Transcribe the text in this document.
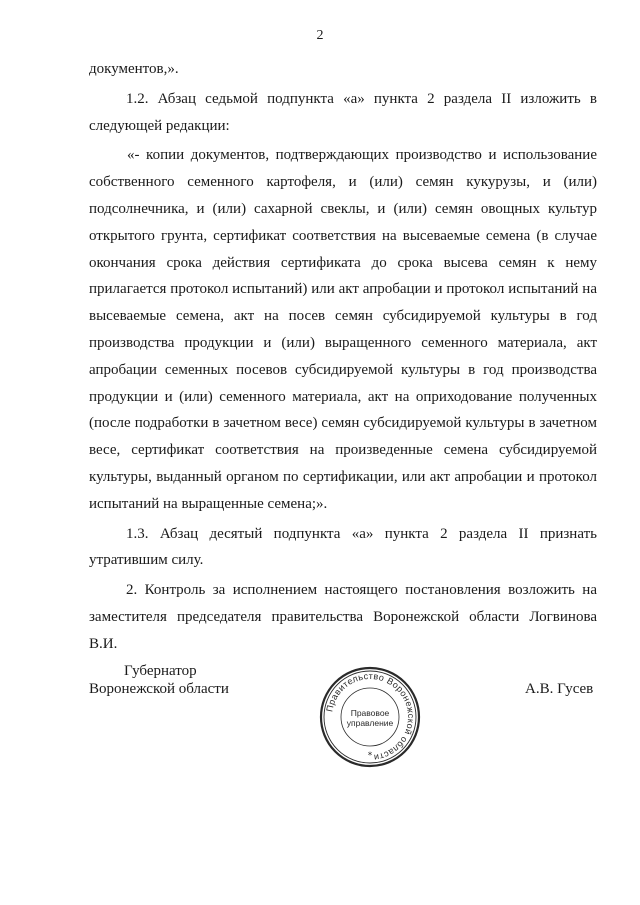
2

документов,».

1.2. Абзац седьмой подпункта «а» пункта 2 раздела II изложить в следующей редакции:

«- копии документов, подтверждающих производство и использование собственного семенного картофеля, и (или) семян кукурузы, и (или) подсолнечника, и (или) сахарной свеклы, и (или) семян овощных культур открытого грунта, сертификат соответствия на высеваемые семена (в случае окончания срока действия сертификата до срока высева семян к нему прилагается протокол испытаний) или акт апробации и протокол испытаний на высеваемые семена, акт на посев семян субсидируемой культуры в год производства продукции и (или) выращенного семенного материала, акт апробации семенных посевов субсидируемой культуры в год производства продукции и (или) семенного материала, акт на оприходование полученных (после подработки в зачетном весе) семян субсидируемой культуры в зачетном весе, сертификат соответствия на произведенные семена субсидируемой культуры, выданный органом по сертификации, или акт апробации и протокол испытаний на выращенные семена;».

1.3. Абзац десятый подпункта «а» пункта 2 раздела II признать утратившим силу.

2. Контроль за исполнением настоящего постановления возложить на заместителя председателя правительства Воронежской области Логвинова В.И.

Губернатор
Воронежской области	А.В. Гусев
Правительство Воронежской области
Правовое
управление
*
